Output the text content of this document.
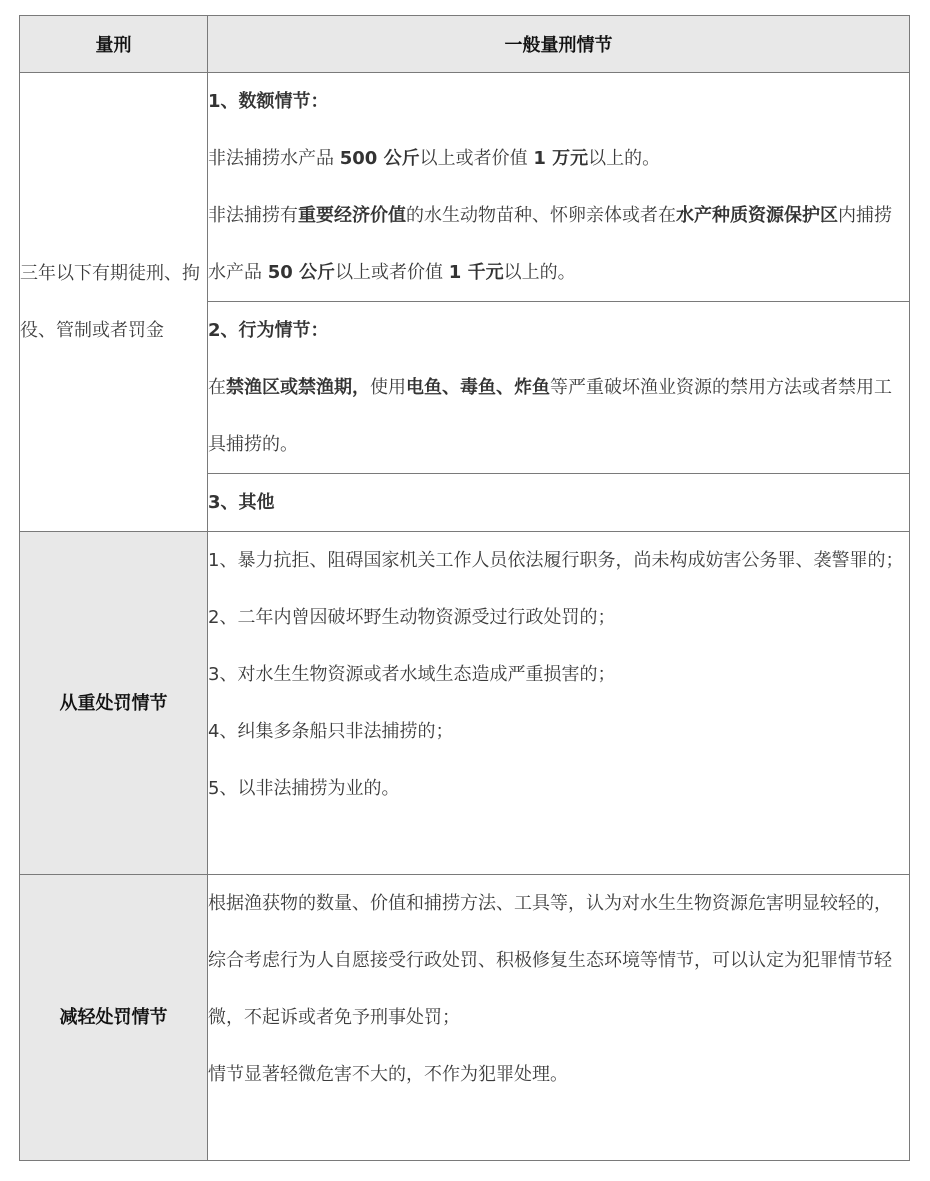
量刑	一般量刑情节
三年以下有期徒刑、拘役、管制或者罚金	1、数额情节：

非法捕捞水产品 500 公斤以上或者价值 1 万元以上的。

非法捕捞有重要经济价值的水生动物苗种、怀卵亲体或者在水产种质资源保护区内捕捞水产品 50 公斤以上或者价值 1 千元以上的。

	2、行为情节：

在禁渔区或禁渔期，使用电鱼、毒鱼、炸鱼等严重破坏渔业资源的禁用方法或者禁用工具捕捞的。

	3、其他

从重处罚情节	1、暴力抗拒、阻碍国家机关工作人员依法履行职务，尚未构成妨害公务罪、袭警罪的；

2、二年内曾因破坏野生动物资源受过行政处罚的；

3、对水生生物资源或者水域生态造成严重损害的；

4、纠集多条船只非法捕捞的；

5、以非法捕捞为业的。

减轻处罚情节	根据渔获物的数量、价值和捕捞方法、工具等，认为对水生生物资源危害明显较轻的，

综合考虑行为人自愿接受行政处罚、积极修复生态环境等情节，可以认定为犯罪情节轻微，不起诉或者免予刑事处罚；

情节显著轻微危害不大的，不作为犯罪处理。
